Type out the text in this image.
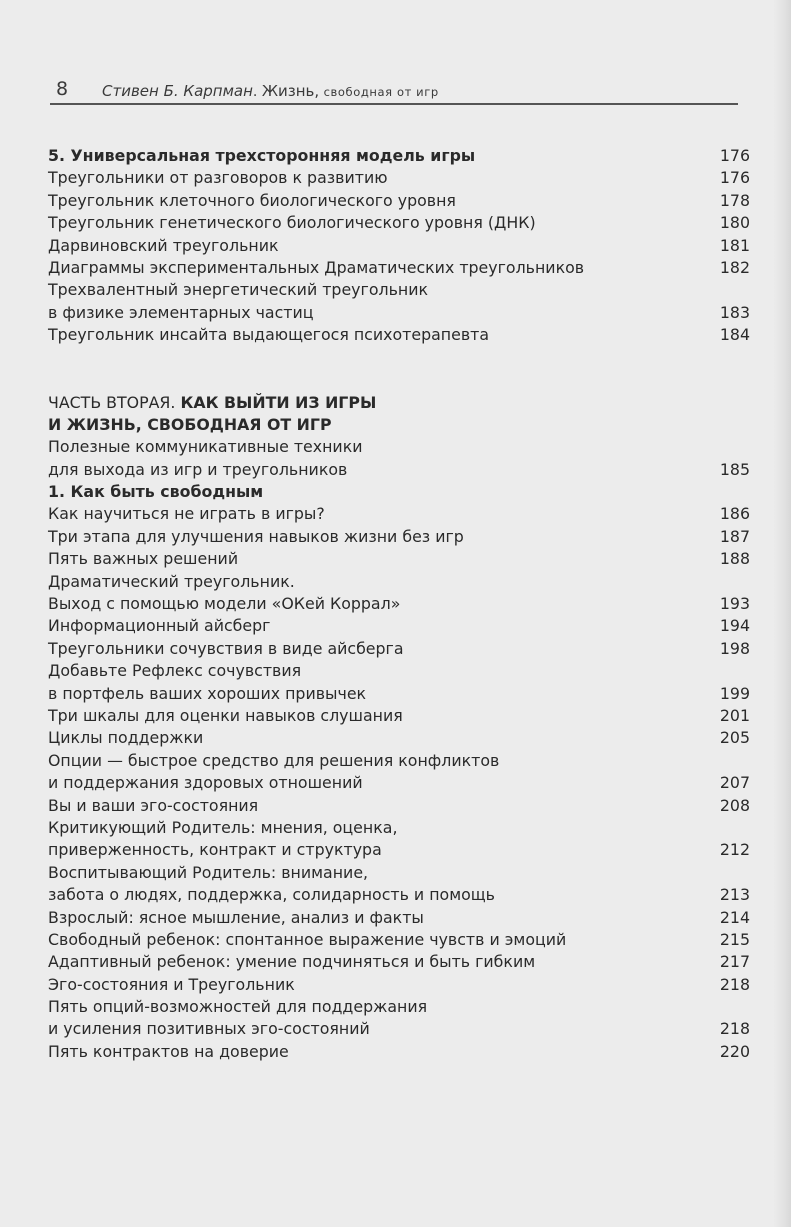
8 Стивен Б. Карпман. Жизнь, свободная от игр
5. Универсальная трехсторонняя модель игры	176
Треугольники от разговоров к развитию	176
Треугольник клеточного биологического уровня	178
Треугольник генетического биологического уровня (ДНК)	180
Дарвиновский треугольник	181
Диаграммы экспериментальных Драматических треугольников	182
Трехвалентный энергетический треугольник
в физике элементарных частиц	183
Треугольник инсайта выдающегося психотерапевта	184
ЧАСТЬ ВТОРАЯ. КАК ВЫЙТИ ИЗ ИГРЫ
И ЖИЗНЬ, СВОБОДНАЯ ОТ ИГР
Полезные коммуникативные техники
для выхода из игр и треугольников	185
1. Как быть свободным
Как научиться не играть в игры?	186
Три этапа для улучшения навыков жизни без игр	187
Пять важных решений	188
Драматический треугольник.
Выход с помощью модели «ОКей Коррал»	193
Информационный айсберг	194
Треугольники сочувствия в виде айсберга	198
Добавьте Рефлекс сочувствия
в портфель ваших хороших привычек	199
Три шкалы для оценки навыков слушания	201
Циклы поддержки	205
Опции — быстрое средство для решения конфликтов
и поддержания здоровых отношений	207
Вы и ваши эго-состояния	208
Критикующий Родитель: мнения, оценка,
приверженность, контракт и структура	212
Воспитывающий Родитель: внимание,
забота о людях, поддержка, солидарность и помощь	213
Взрослый: ясное мышление, анализ и факты	214
Свободный ребенок: спонтанное выражение чувств и эмоций	215
Адаптивный ребенок: умение подчиняться и быть гибким	217
Эго-состояния и Треугольник	218
Пять опций-возможностей для поддержания
и усиления позитивных эго-состояний	218
Пять контрактов на доверие	220
